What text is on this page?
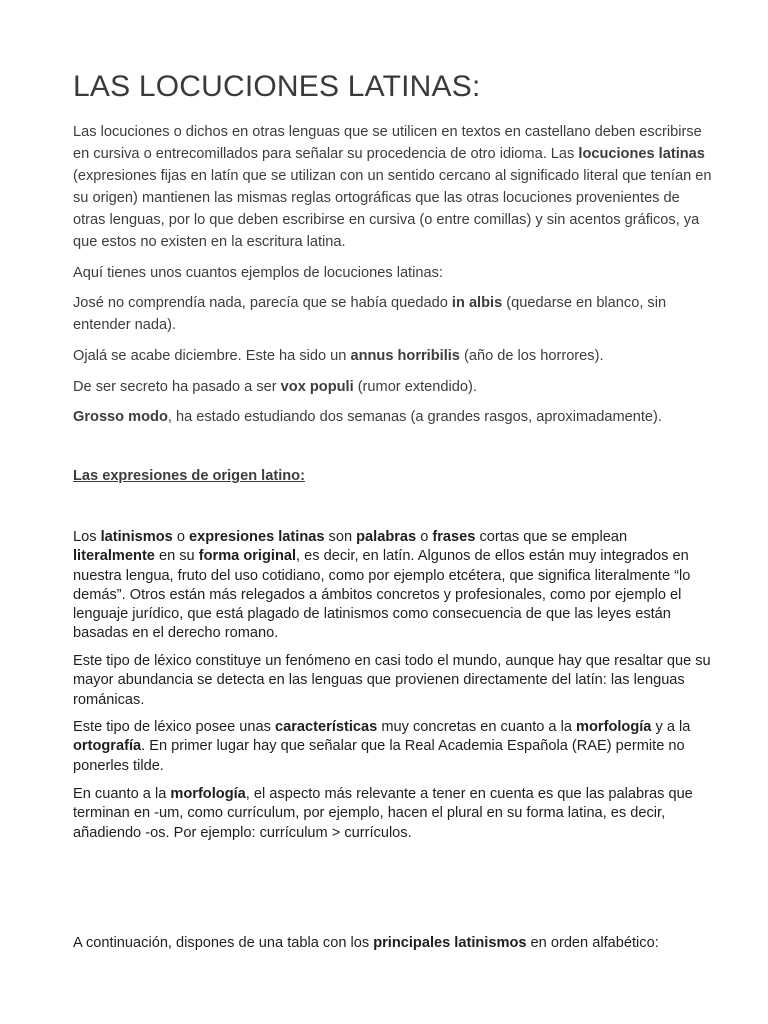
LAS LOCUCIONES LATINAS:

Las locuciones o dichos en otras lenguas que se utilicen en textos en castellano deben escribirse en cursiva o entrecomillados para señalar su procedencia de otro idioma. Las locuciones latinas (expresiones fijas en latín que se utilizan con un sentido cercano al significado literal que tenían en su origen) mantienen las mismas reglas ortográficas que las otras locuciones provenientes de otras lenguas, por lo que deben escribirse en cursiva (o entre comillas) y sin acentos gráficos, ya que estos no existen en la escritura latina.

Aquí tienes unos cuantos ejemplos de locuciones latinas:

José no comprendía nada, parecía que se había quedado in albis (quedarse en blanco, sin entender nada).

Ojalá se acabe diciembre. Este ha sido un annus horribilis (año de los horrores).

De ser secreto ha pasado a ser vox populi (rumor extendido).

Grosso modo, ha estado estudiando dos semanas (a grandes rasgos, aproximadamente).

Las expresiones de origen latino:

Los latinismos o expresiones latinas son palabras o frases cortas que se emplean literalmente en su forma original, es decir, en latín. Algunos de ellos están muy integrados en nuestra lengua, fruto del uso cotidiano, como por ejemplo etcétera, que significa literalmente “lo demás”. Otros están más relegados a ámbitos concretos y profesionales, como por ejemplo el lenguaje jurídico, que está plagado de latinismos como consecuencia de que las leyes están basadas en el derecho romano.

Este tipo de léxico constituye un fenómeno en casi todo el mundo, aunque hay que resaltar que su mayor abundancia se detecta en las lenguas que provienen directamente del latín: las lenguas románicas.

Este tipo de léxico posee unas características muy concretas en cuanto a la morfología y a la ortografía. En primer lugar hay que señalar que la Real Academia Española (RAE) permite no ponerles tilde.

En cuanto a la morfología, el aspecto más relevante a tener en cuenta es que las palabras que terminan en -um, como currículum, por ejemplo, hacen el plural en su forma latina, es decir, añadiendo -os. Por ejemplo: currículum > currículos.

A continuación, dispones de una tabla con los principales latinismos en orden alfabético:
